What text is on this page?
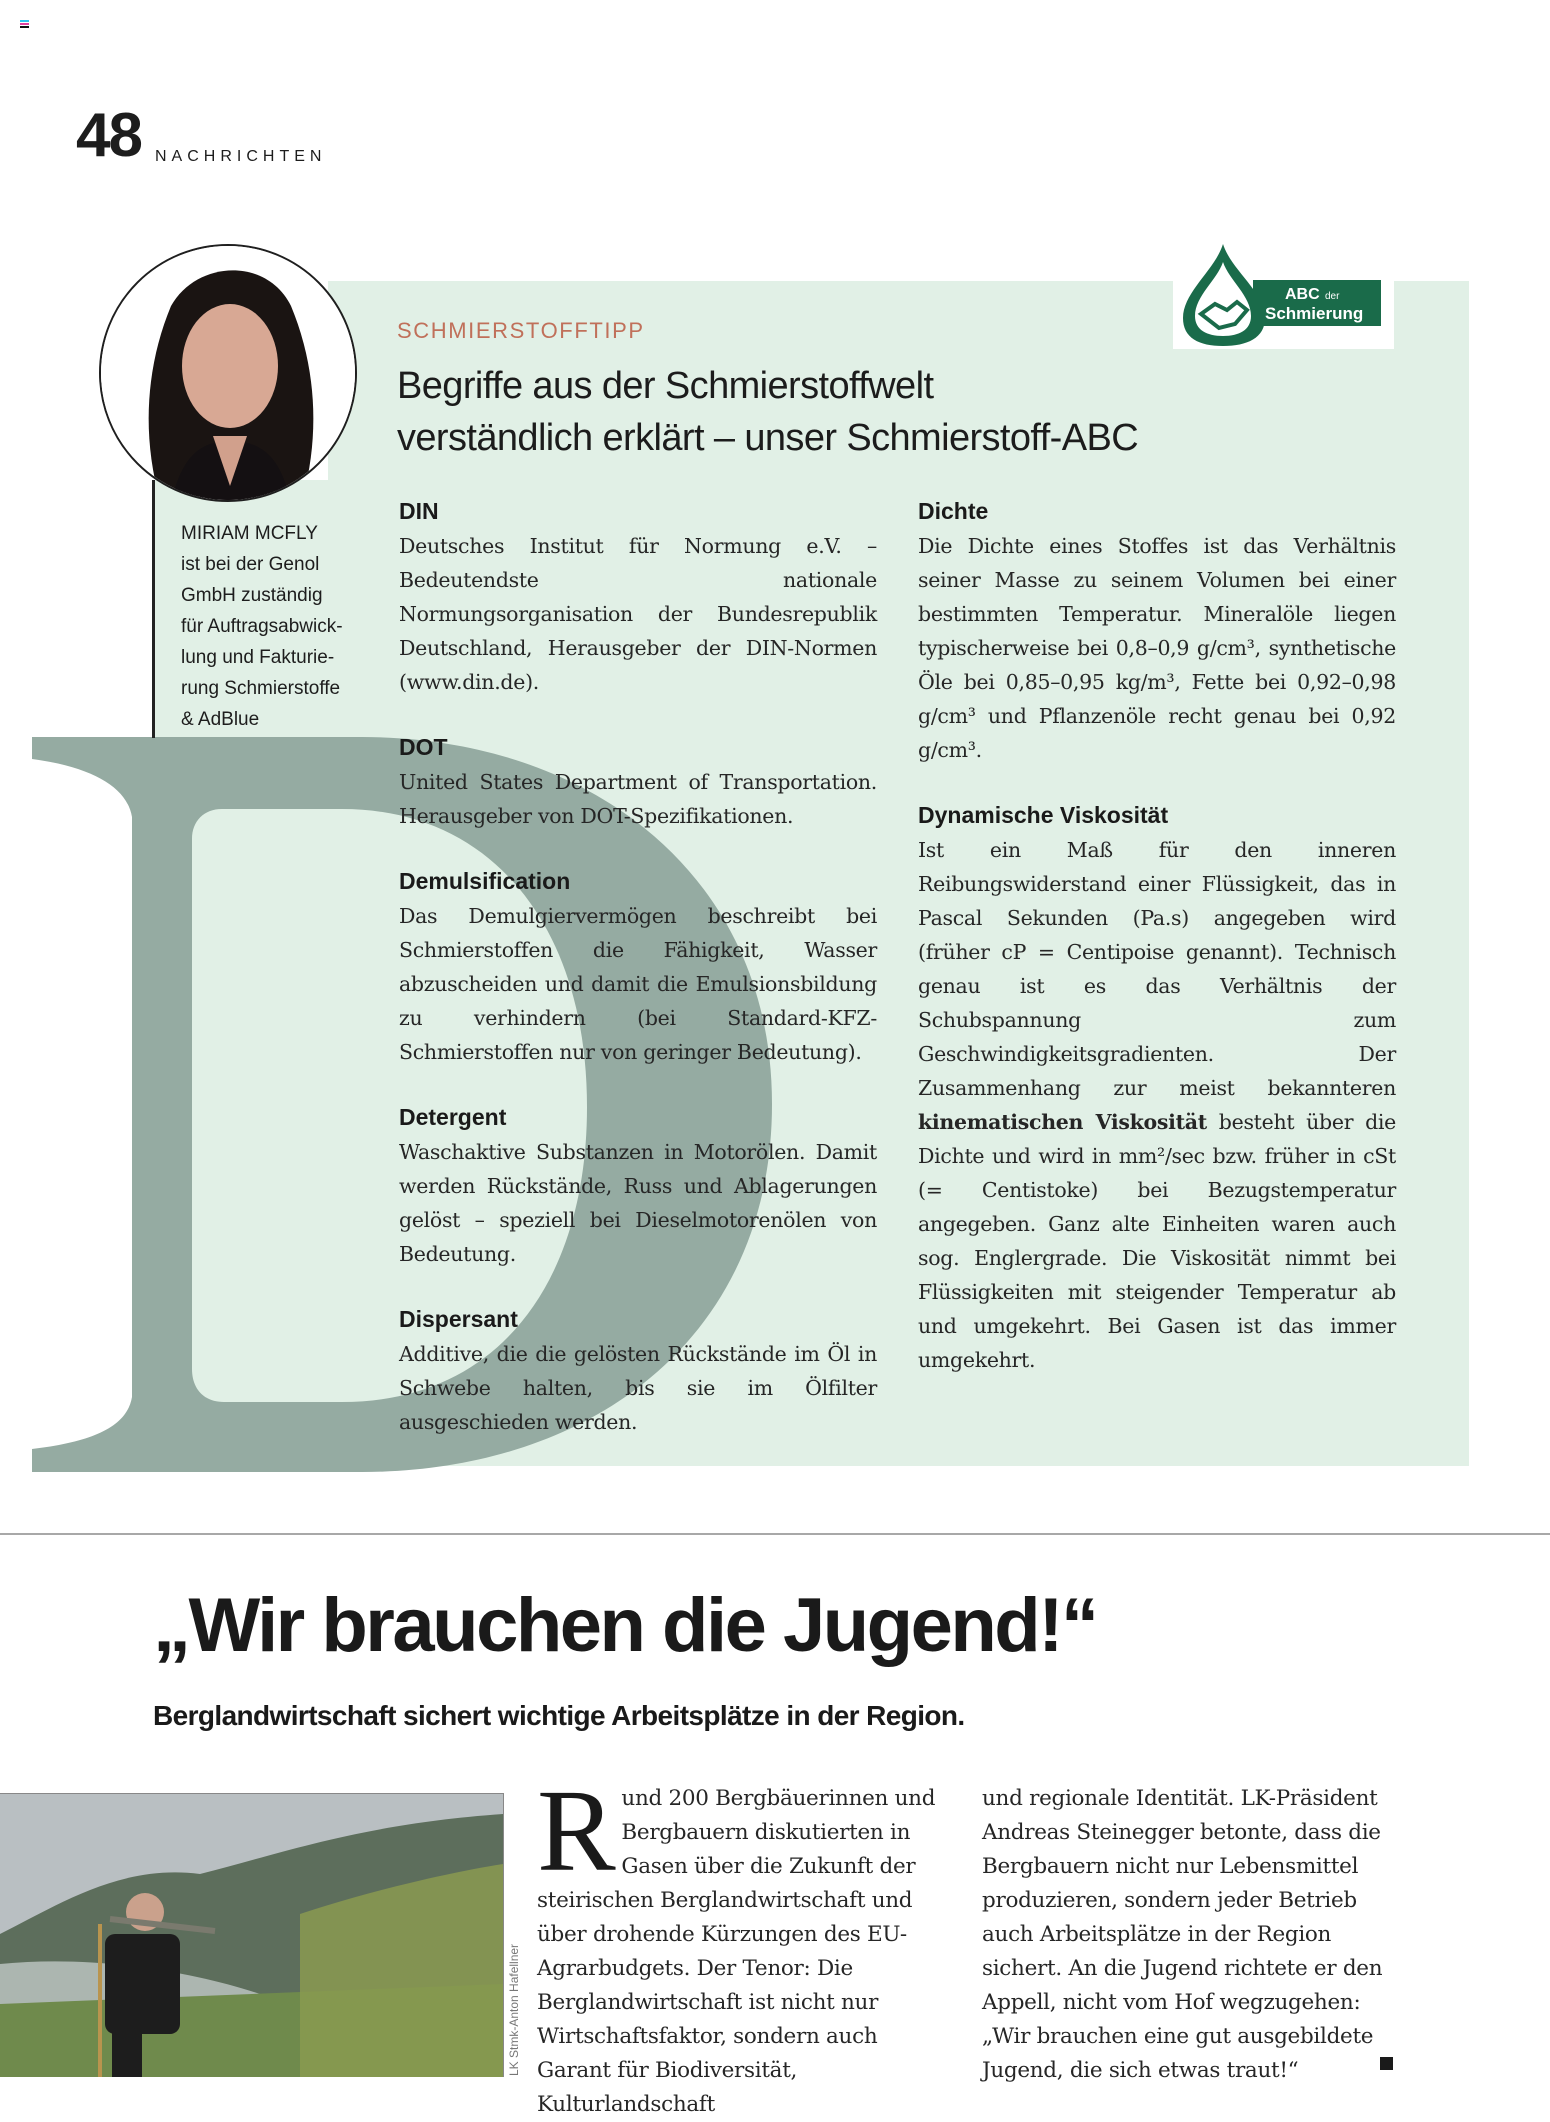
48 NACHRICHTEN
MIRIAM MCFLY
ist bei der Genol
GmbH zuständig
für Auftragsabwick-
lung und Fakturie-
rung Schmierstoffe
& AdBlue
ABC der
Schmierung
SCHMIERSTOFFTIPP
Begriffe aus der Schmierstoffwelt
verständlich erklärt – unser Schmierstoff-ABC
DIN

Deutsches Institut für Normung e.V. – Bedeutendste nationale Normungsorganisation der Bundesrepublik Deutschland, Herausgeber der DIN-Normen (www.din.de).

DOT

United States Department of Transportation. Herausgeber von DOT-Spezifikationen.

Demulsification

Das Demulgiervermögen beschreibt bei Schmierstoffen die Fähigkeit, Wasser abzuscheiden und damit die Emulsionsbildung zu verhindern (bei Standard-KFZ-Schmierstoffen nur von geringer Bedeutung).

Detergent

Waschaktive Substanzen in Motorölen. Damit werden Rückstände, Russ und Ablagerungen gelöst – speziell bei Dieselmotorenölen von Bedeutung.

Dispersant

Additive, die die gelösten Rückstände im Öl in Schwebe halten, bis sie im Ölfilter ausgeschieden werden.

Dichte

Die Dichte eines Stoffes ist das Verhältnis seiner Masse zu seinem Volumen bei einer bestimmten Temperatur. Mineralöle liegen typischerweise bei 0,8–0,9 g/cm³, synthetische Öle bei 0,85–0,95 kg/m³, Fette bei 0,92–0,98 g/cm³ und Pflanzenöle recht genau bei 0,92 g/cm³.

Dynamische Viskosität

Ist ein Maß für den inneren Reibungswiderstand einer Flüssigkeit, das in Pascal Sekunden (Pa.s) angegeben wird (früher cP = Centipoise genannt). Technisch genau ist es das Verhältnis der Schubspannung zum Geschwindigkeitsgradienten. Der Zusammenhang zur meist bekannteren kinematischen Viskosität besteht über die Dichte und wird in mm²/sec bzw. früher in cSt (= Centistoke) bei Bezugstemperatur angegeben. Ganz alte Einheiten waren auch sog. Englergrade. Die Viskosität nimmt bei Flüssigkeiten mit steigender Temperatur ab und umgekehrt. Bei Gasen ist das immer umgekehrt.

„Wir brauchen die Jugend!“
Berglandwirtschaft sichert wichtige Arbeitsplätze in der Region.
LK Stmk-Anton Hafellner
Rund 200 Bergbäuerinnen und Bergbauern diskutierten in Gasen über die Zukunft der steirischen Berglandwirtschaft und über drohende Kürzungen des EU-Agrarbudgets. Der Tenor: Die Berglandwirtschaft ist nicht nur Wirtschaftsfaktor, sondern auch Garant für Biodiversität, Kulturlandschaft
und regionale Identität. LK-Präsident Andreas Steinegger betonte, dass die Bergbauern nicht nur Lebensmittel produzieren, sondern jeder Betrieb auch Arbeitsplätze in der Region sichert. An die Jugend richtete er den Appell, nicht vom Hof wegzugehen: „Wir brauchen eine gut ausgebildete Jugend, die sich etwas traut!“
